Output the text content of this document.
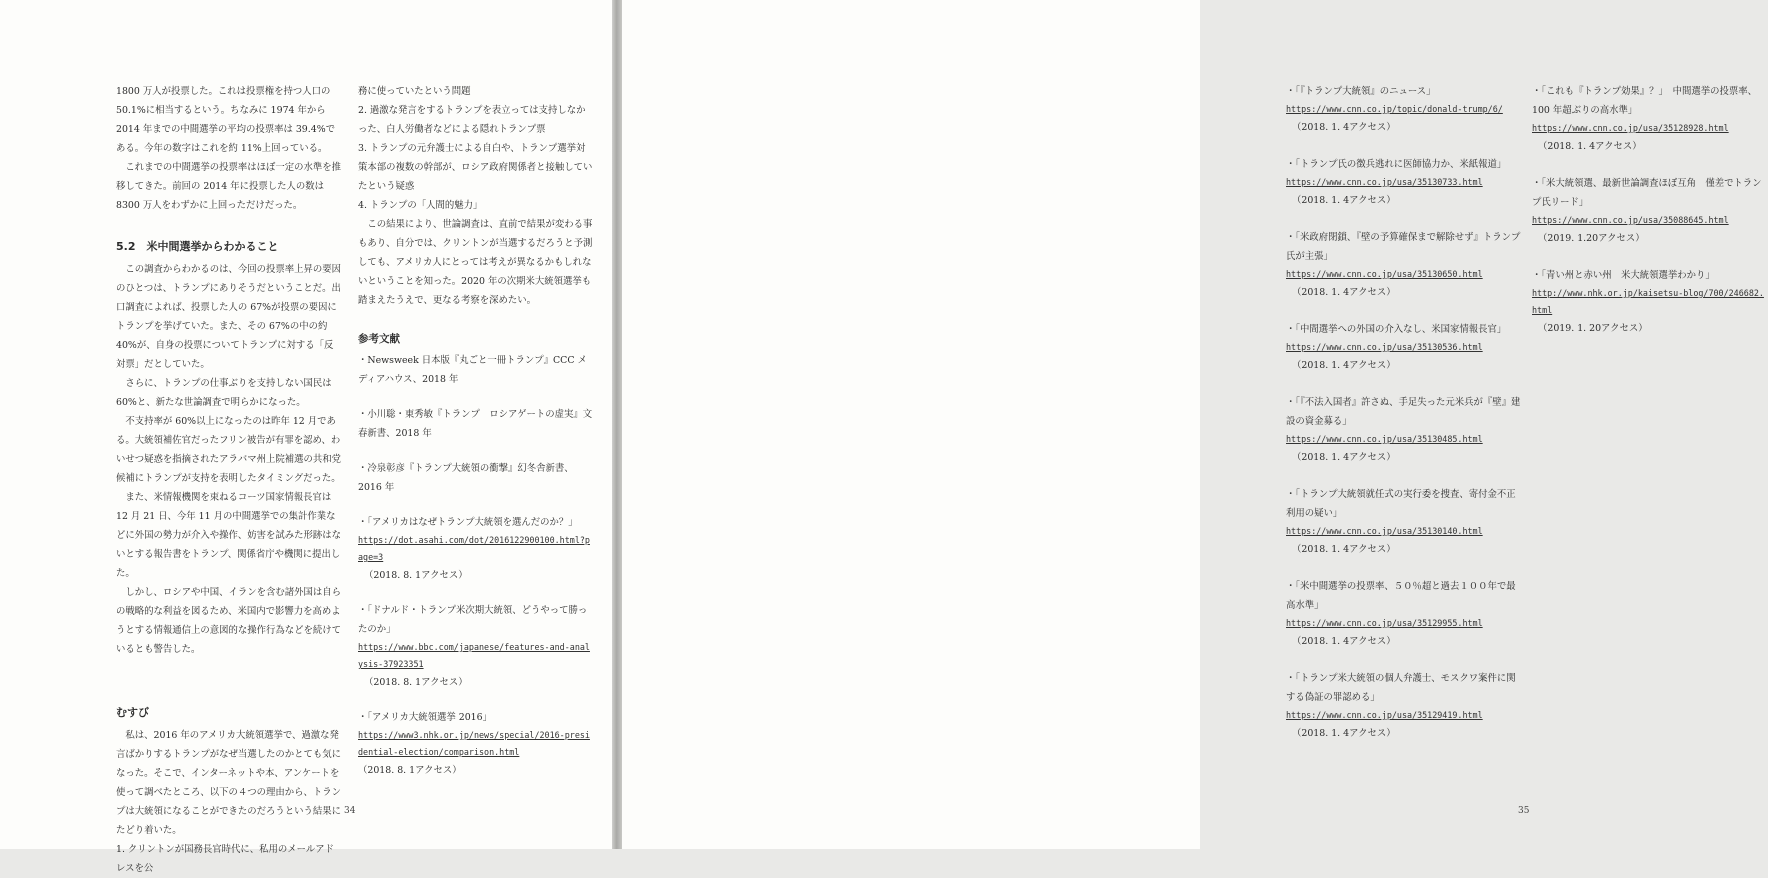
1800 万人が投票した。これは投票権を持つ人口の 50.1%に相当するという。ちなみに 1974 年から 2014 年までの中間選挙の平均の投票率は 39.4%である。今年の数字はこれを約 11%上回っている。

これまでの中間選挙の投票率はほぼ一定の水準を推移してきた。前回の 2014 年に投票した人の数は 8300 万人をわずかに上回っただけだった。

5.2　米中間選挙からわかること

この調査からわかるのは、今回の投票率上昇の要因のひとつは、トランプにありそうだということだ。出口調査によれば、投票した人の 67%が投票の要因にトランプを挙げていた。また、その 67%の中の約 40%が、自身の投票についてトランプに対する「反対票」だとしていた。

さらに、トランプの仕事ぶりを支持しない国民は 60%と、新たな世論調査で明らかになった。

不支持率が 60%以上になったのは昨年 12 月である。大統領補佐官だったフリン被告が有罪を認め、わいせつ疑惑を指摘されたアラバマ州上院補選の共和党候補にトランプが支持を表明したタイミングだった。

また、米情報機関を束ねるコーツ国家情報長官は 12 月 21 日、今年 11 月の中間選挙での集計作業などに外国の勢力が介入や操作、妨害を試みた形跡はないとする報告書をトランプ、関係省庁や機関に提出した。

しかし、ロシアや中国、イランを含む諸外国は自らの戦略的な利益を図るため、米国内で影響力を高めようとする情報通信上の意図的な操作行為などを続けているとも警告した。

むすび

私は、2016 年のアメリカ大統領選挙で、過激な発言ばかりするトランプがなぜ当選したのかとても気になった。そこで、インターネットや本、アンケートを使って調べたところ、以下の４つの理由から、トランプは大統領になることができたのだろうという結果にたどり着いた。

1. クリントンが国務長官時代に、私用のメールアドレスを公

務に使っていたという問題

2. 過激な発言をするトランプを表立っては支持しなかった、白人労働者などによる隠れトランプ票

3. トランプの元弁護士による自白や、トランプ選挙対策本部の複数の幹部が、ロシア政府関係者と接触していたという疑惑

4. トランプの「人間的魅力」

この結果により、世論調査は、直前で結果が変わる事もあり、自分では、クリントンが当選するだろうと予測しても、アメリカ人にとっては考えが異なるかもしれないということを知った。2020 年の次期米大統領選挙も踏まえたうえで、更なる考察を深めたい。

参考文献

・Newsweek 日本版『丸ごと一冊トランプ』CCC メディアハウス、2018 年

・小川聡・東秀敏『トランプ　ロシアゲートの虚実』文春新書、2018 年

・冷泉彰彦『トランプ大統領の衝撃』幻冬舎新書、2016 年

・「アメリカはなぜトランプ大統領を選んだのか？」
https://dot.asahi.com/dot/2016122900100.html?page=3
（2018. 8. 1アクセス）

・「ドナルド・トランプ米次期大統領、どうやって勝ったのか」
https://www.bbc.com/japanese/features-and-analysis-37923351
（2018. 8. 1アクセス）

・「アメリカ大統領選挙 2016」
https://www3.nhk.or.jp/news/special/2016-presidential-election/comparison.html
（2018. 8. 1アクセス）

34

・「『トランプ大統領』のニュース」
https://www.cnn.co.jp/topic/donald-trump/6/
（2018. 1. 4アクセス）

・「トランプ氏の徴兵逃れに医師協力か、米紙報道」
https://www.cnn.co.jp/usa/35130733.html
（2018. 1. 4アクセス）

・「米政府閉鎖、『壁の予算確保まで解除せず』トランプ氏が主張」
https://www.cnn.co.jp/usa/35130650.html
（2018. 1. 4アクセス）

・「中間選挙への外国の介入なし、米国家情報長官」
https://www.cnn.co.jp/usa/35130536.html
（2018. 1. 4アクセス）

・「『不法入国者』許さぬ、手足失った元米兵が『壁』建設の資金募る」
https://www.cnn.co.jp/usa/35130485.html
（2018. 1. 4アクセス）

・「トランプ大統領就任式の実行委を捜査、寄付金不正利用の疑い」
https://www.cnn.co.jp/usa/35130140.html
（2018. 1. 4アクセス）

・「米中間選挙の投票率、５０％超と過去１００年で最高水準」
https://www.cnn.co.jp/usa/35129955.html
（2018. 1. 4アクセス）

・「トランプ米大統領の個人弁護士、モスクワ案件に関する偽証の罪認める」
https://www.cnn.co.jp/usa/35129419.html
（2018. 1. 4アクセス）

・「これも『トランプ効果』？」　中間選挙の投票率、100 年超ぶりの高水準」
https://www.cnn.co.jp/usa/35128928.html
（2018. 1. 4アクセス）

・「米大統領選、最新世論調査ほぼ互角　僅差でトランプ氏リード」
https://www.cnn.co.jp/usa/35088645.html
（2019. 1.20アクセス）

・「青い州と赤い州　米大統領選挙わかり」
http://www.nhk.or.jp/kaisetsu-blog/700/246682.html
（2019. 1. 20アクセス）

35
